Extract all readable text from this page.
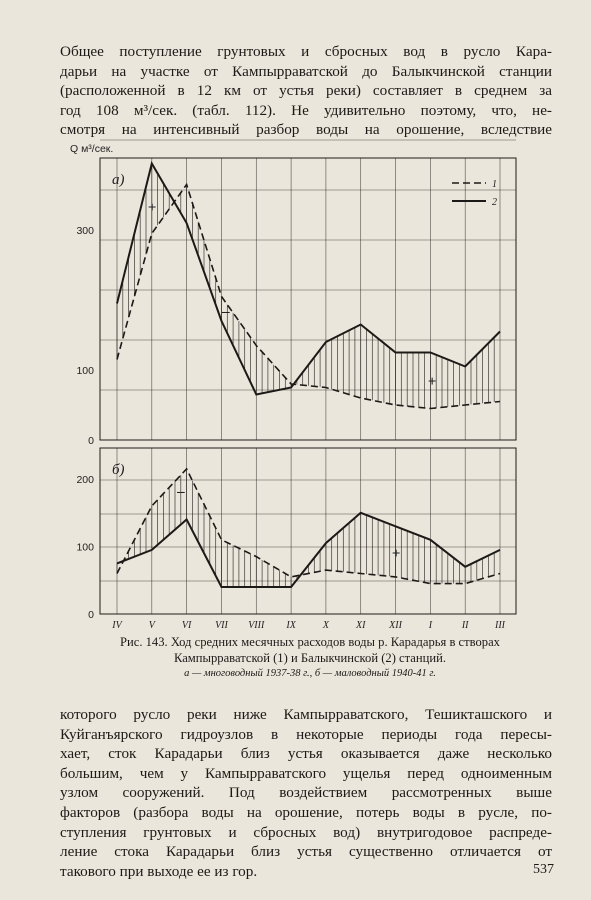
Общее поступление грунтовых и сбросных вод в русло Кара-
дарьи на участке от Кампырраватской до Балыкчинской станции
(расположенной в 12 км от устья реки) составляет в среднем за
год 108 м³/сек. (табл. 112). Не удивительно поэтому, что, не-
смотря на интенсивный разбор воды на орошение, вследствие

0
100
300
а)
Q м³/сек.
1
2
+
–
+
0
100
200
б)
–
+
IV	V	VI VII VIII IX	X	XI XII	I	II	III
Рис. 143. Ход средних месячных расходов воды р. Карадарья в створах Кампырраватской (1) и Балыкчинской (2) станций.
а — многоводный 1937-38 г., б — маловодный 1940-41 г.

которого русло реки ниже Кампырраватского, Тешикташского и
Куйганъярского гидроузлов в некоторые периоды года пересы-
хает, сток Карадарьи близ устья оказывается даже несколько
большим, чем у Кампырраватского ущелья перед одноименным
узлом сооружений. Под воздействием рассмотренных выше
факторов (разбора воды на орошение, потерь воды в русле, по-
ступления грунтовых и сбросных вод) внутригодовое распреде-
ление стока Карадарьи близ устья существенно отличается от
такового при выходе ее из гор.	537
